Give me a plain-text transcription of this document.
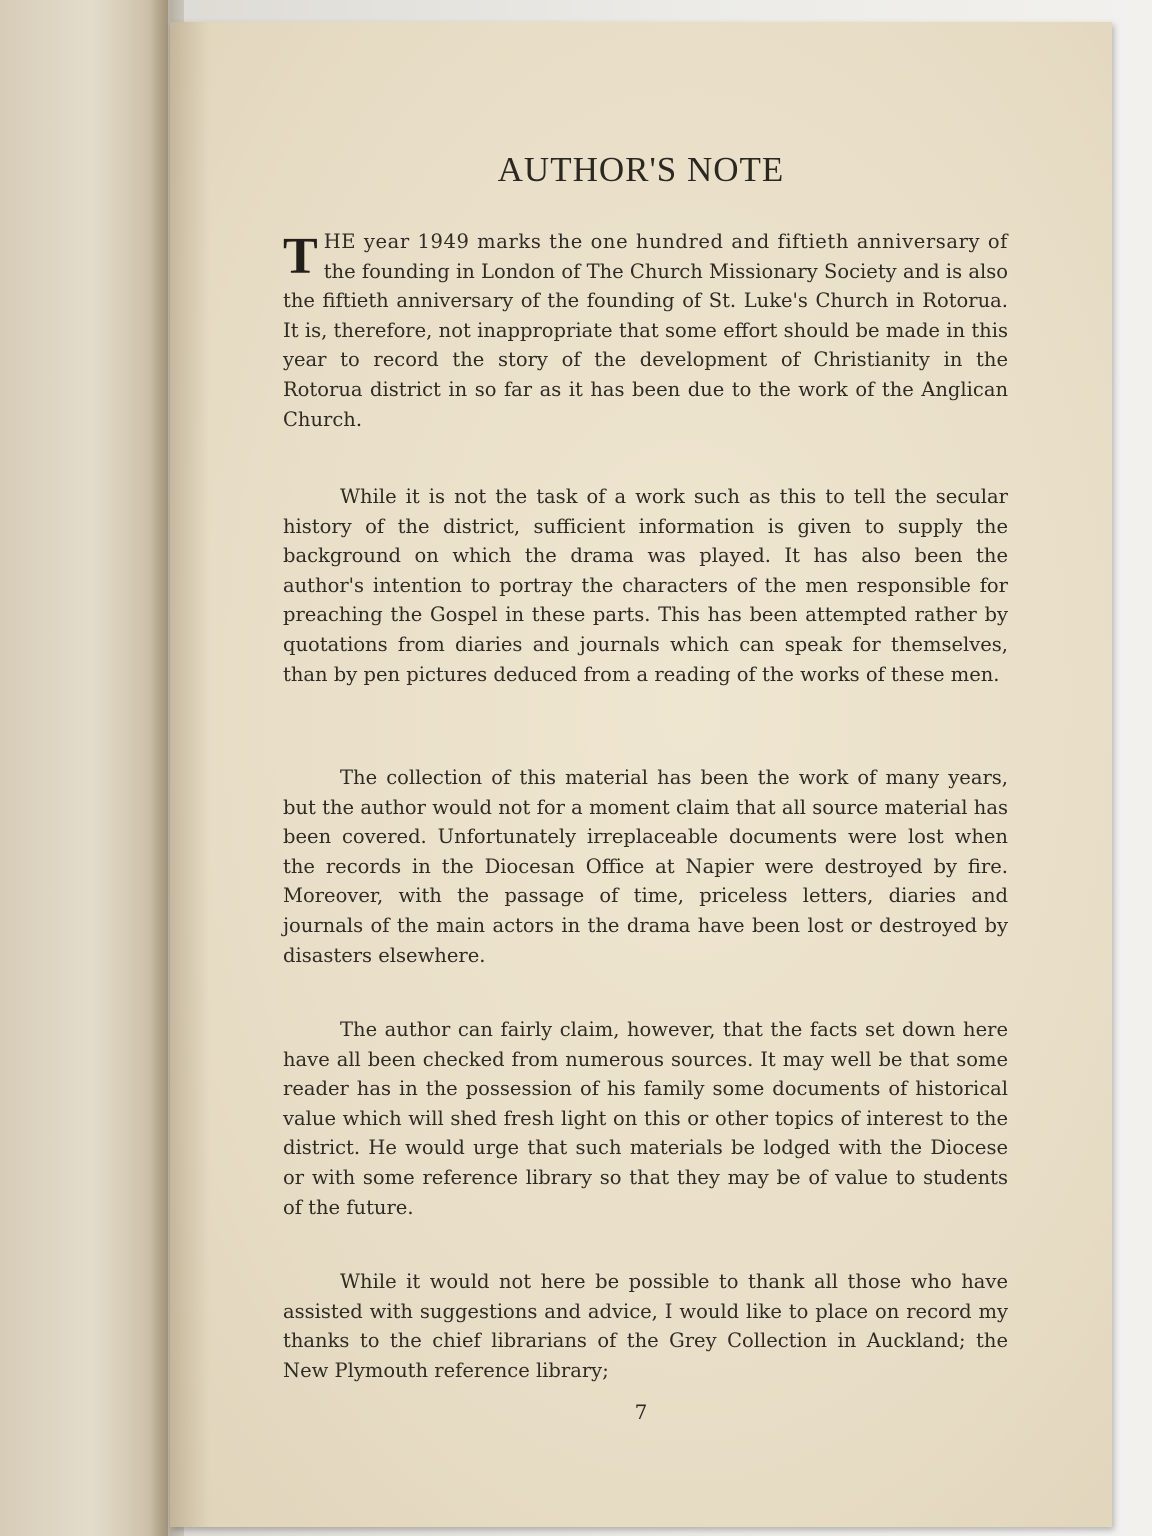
AUTHOR'S NOTE

THE year 1949 marks the one hundred and fiftieth anniversary of the founding in London of The Church Missionary Society and is also the fiftieth anniversary of the founding of St. Luke's Church in Rotorua. It is, therefore, not inappropriate that some effort should be made in this year to record the story of the development of Christianity in the Rotorua district in so far as it has been due to the work of the Anglican Church.

While it is not the task of a work such as this to tell the secular history of the district, sufficient information is given to supply the background on which the drama was played. It has also been the author's intention to portray the characters of the men responsible for preaching the Gospel in these parts. This has been attempted rather by quotations from diaries and journals which can speak for themselves, than by pen pictures deduced from a reading of the works of these men.

The collection of this material has been the work of many years, but the author would not for a moment claim that all source material has been covered. Unfortunately irreplaceable documents were lost when the records in the Diocesan Office at Napier were destroyed by fire. Moreover, with the passage of time, priceless letters, diaries and journals of the main actors in the drama have been lost or destroyed by disasters elsewhere.

The author can fairly claim, however, that the facts set down here have all been checked from numerous sources. It may well be that some reader has in the possession of his family some documents of historical value which will shed fresh light on this or other topics of interest to the district. He would urge that such materials be lodged with the Diocese or with some reference library so that they may be of value to students of the future.

While it would not here be possible to thank all those who have assisted with suggestions and advice, I would like to place on record my thanks to the chief librarians of the Grey Collection in Auckland; the New Plymouth reference library;

7
